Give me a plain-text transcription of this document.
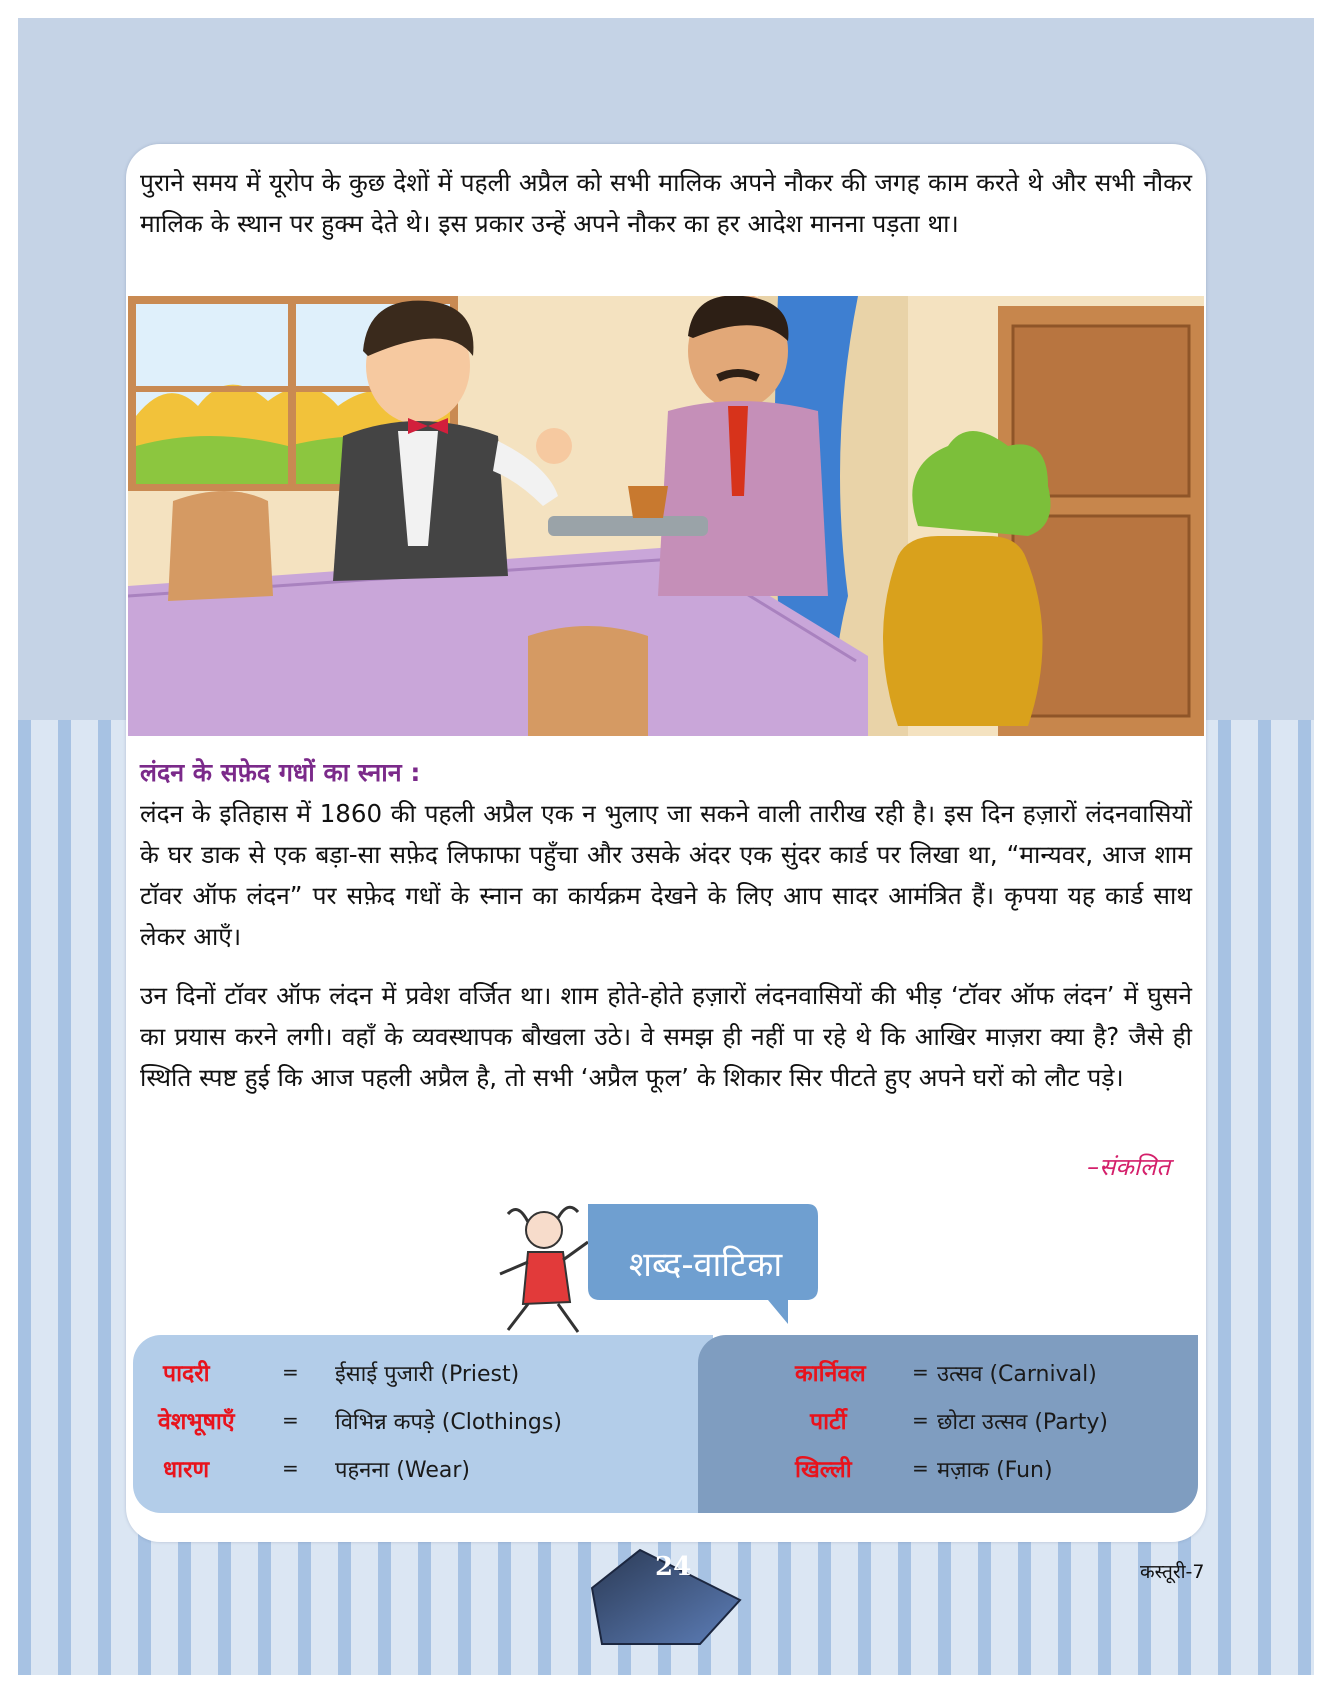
पुराने समय में यूरोप के कुछ देशों में पहली अप्रैल को सभी मालिक अपने नौकर की जगह काम करते थे और सभी नौकर मालिक के स्थान पर हुक्म देते थे। इस प्रकार उन्हें अपने नौकर का हर आदेश मानना पड़ता था।

लंदन के सफ़ेद गधों का स्नान :

लंदन के इतिहास में 1860 की पहली अप्रैल एक न भुलाए जा सकने वाली तारीख रही है। इस दिन हज़ारों लंदनवासियों के घर डाक से एक बड़ा-सा सफ़ेद लिफाफा पहुँचा और उसके अंदर एक सुंदर कार्ड पर लिखा था, “मान्यवर, आज शाम टॉवर ऑफ लंदन” पर सफ़ेद गधों के स्नान का कार्यक्रम देखने के लिए आप सादर आमंत्रित हैं। कृपया यह कार्ड साथ लेकर आएँ।

उन दिनों टॉवर ऑफ लंदन में प्रवेश वर्जित था। शाम होते-होते हज़ारों लंदनवासियों की भीड़ ‘टॉवर ऑफ लंदन’ में घुसने का प्रयास करने लगी। वहाँ के व्यवस्थापक बौखला उठे। वे समझ ही नहीं पा रहे थे कि आखिर माज़रा क्या है? जैसे ही स्थिति स्पष्ट हुई कि आज पहली अप्रैल है, तो सभी ‘अप्रैल फूल’ के शिकार सिर पीटते हुए अपने घरों को लौट पड़े।

–संकलित
शब्द-वाटिका
पादरी	= ईसाई पुजारी (Priest)
वेशभूषाएँ = विभिन्न कपड़े (Clothings)
धारण	= पहनना (Wear)
कार्निवल = उत्सव (Carnival)
पार्टी	= छोटा उत्सव (Party)
खिल्ली	= मज़ाक (Fun)
24	कस्तूरी-7
